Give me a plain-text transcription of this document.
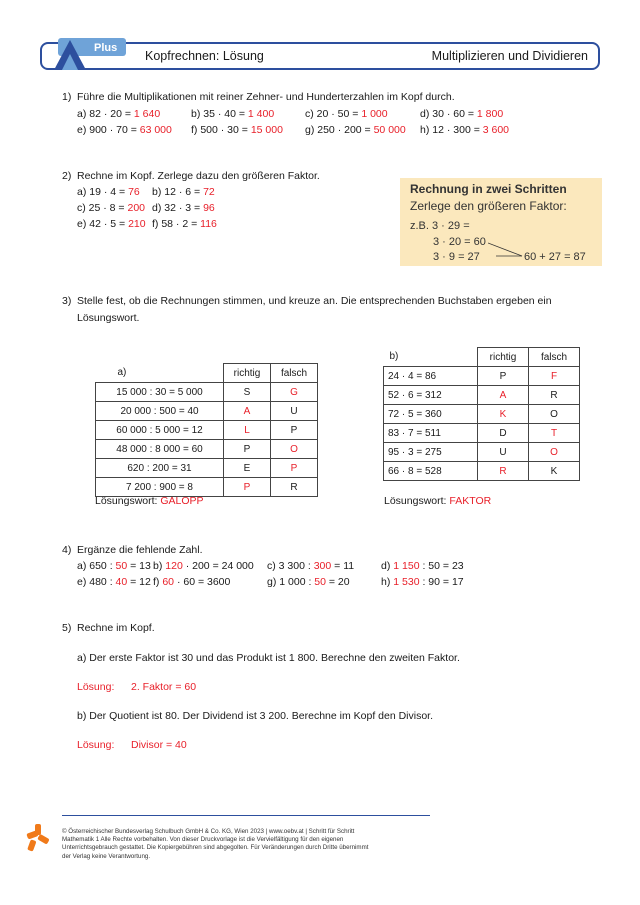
Plus
Kopfrechnen: Lösung	Multiplizieren und Dividieren
1) Führe die Multiplikationen mit reiner Zehner- und Hunderterzahlen im Kopf durch.
a) 82 · 20 = 1 640	b) 35 · 40 = 1 400	c) 20 · 50 = 1 000	d) 30 · 60 = 1 800
e) 900 · 70 = 63 000 f) 500 · 30 = 15 000 g) 250 · 200 = 50 000 h) 12 · 300 = 3 600
2) Rechne im Kopf. Zerlege dazu den größeren Faktor.
a) 19 · 4 = 76 b) 12 · 6 = 72
c) 25 · 8 = 200 d) 32 · 3 = 96
e) 42 · 5 = 210 f) 58 · 2 = 116
Rechnung in zwei Schritten
Zerlege den größeren Faktor:
z.B. 3 · 29 =
3 · 20 = 60
3 · 9 = 27	60 + 27 = 87
3) Stelle fest, ob die Rechnungen stimmen, und kreuze an. Die entsprechenden Buchstaben ergeben ein
Lösungswort.
a)	richtig	falsch
15 000 : 30 = 5 000	S	G
20 000 : 500 = 40	A	U
60 000 : 5 000 = 12	L	P
48 000 : 8 000 = 60	P	O
620 : 200 = 31	E	P
7 200 : 900 = 8	P	R
Lösungswort: GALOPP
b)	richtig	falsch
24 · 4 = 86	P	F
52 · 6 = 312	A	R
72 · 5 = 360	K	O
83 · 7 = 511	D	T
95 · 3 = 275	U	O
66 · 8 = 528	R	K
Lösungswort: FAKTOR
4) Ergänze die fehlende Zahl.
a) 650 : 50 = 13 b) 120 · 200 = 24 000 c) 3 300 : 300 = 11	d) 1 150 : 50 = 23
e) 480 : 40 = 12 f) 60 · 60 = 3600	g) 1 000 : 50 = 20	h) 1 530 : 90 = 17
5) Rechne im Kopf.
a) Der erste Faktor ist 30 und das Produkt ist 1 800. Berechne den zweiten Faktor.
Lösung: 2. Faktor = 60
b) Der Quotient ist 80. Der Dividend ist 3 200. Berechne im Kopf den Divisor.
Lösung: Divisor = 40
© Österreichischer Bundesverlag Schulbuch GmbH & Co. KG, Wien 2023 | www.oebv.at | Schritt für Schritt
Mathematik 1 Alle Rechte vorbehalten. Von dieser Druckvorlage ist die Vervielfältigung für den eigenen
Unterrichtsgebrauch gestattet. Die Kopiergebühren sind abgegolten. Für Veränderungen durch Dritte übernimmt
der Verlag keine Verantwortung.
